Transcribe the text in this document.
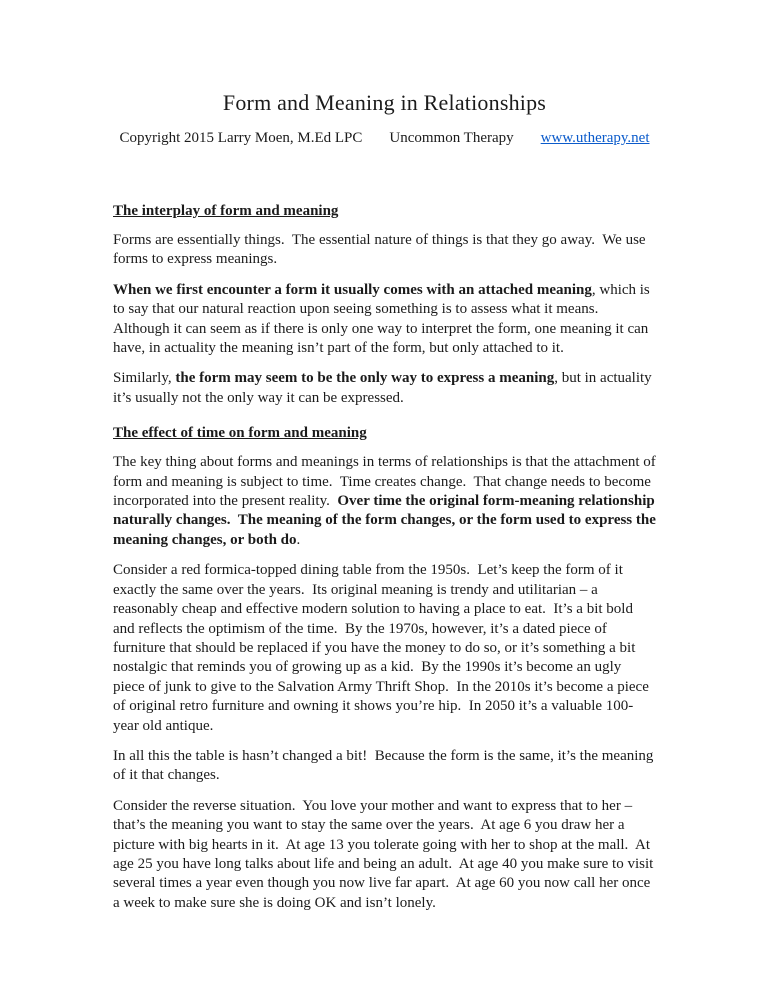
Form and Meaning in Relationships
Copyright 2015 Larry Moen, M.Ed LPC Uncommon Therapy www.utherapy.net
The interplay of form and meaning

Forms are essentially things.  The essential nature of things is that they go away.  We use forms to express meanings.

When we first encounter a form it usually comes with an attached meaning, which is to say that our natural reaction upon seeing something is to assess what it means.  Although it can seem as if there is only one way to interpret the form, one meaning it can have, in actuality the meaning isn’t part of the form, but only attached to it.

Similarly, the form may seem to be the only way to express a meaning, but in actuality it’s usually not the only way it can be expressed.

The effect of time on form and meaning

The key thing about forms and meanings in terms of relationships is that the attachment of form and meaning is subject to time.  Time creates change.  That change needs to become incorporated into the present reality.  Over time the original form-meaning relationship naturally changes.  The meaning of the form changes, or the form used to express the meaning changes, or both do.

Consider a red formica-topped dining table from the 1950s.  Let’s keep the form of it exactly the same over the years.  Its original meaning is trendy and utilitarian – a reasonably cheap and effective modern solution to having a place to eat.  It’s a bit bold and reflects the optimism of the time.  By the 1970s, however, it’s a dated piece of furniture that should be replaced if you have the money to do so, or it’s something a bit nostalgic that reminds you of growing up as a kid.  By the 1990s it’s become an ugly piece of junk to give to the Salvation Army Thrift Shop.  In the 2010s it’s become a piece of original retro furniture and owning it shows you’re hip.  In 2050 it’s a valuable 100-year old antique.

In all this the table is hasn’t changed a bit!  Because the form is the same, it’s the meaning of it that changes.

Consider the reverse situation.  You love your mother and want to express that to her – that’s the meaning you want to stay the same over the years.  At age 6 you draw her a picture with big hearts in it.  At age 13 you tolerate going with her to shop at the mall.  At age 25 you have long talks about life and being an adult.  At age 40 you make sure to visit several times a year even though you now live far apart.  At age 60 you now call her once a week to make sure she is doing OK and isn’t lonely.
